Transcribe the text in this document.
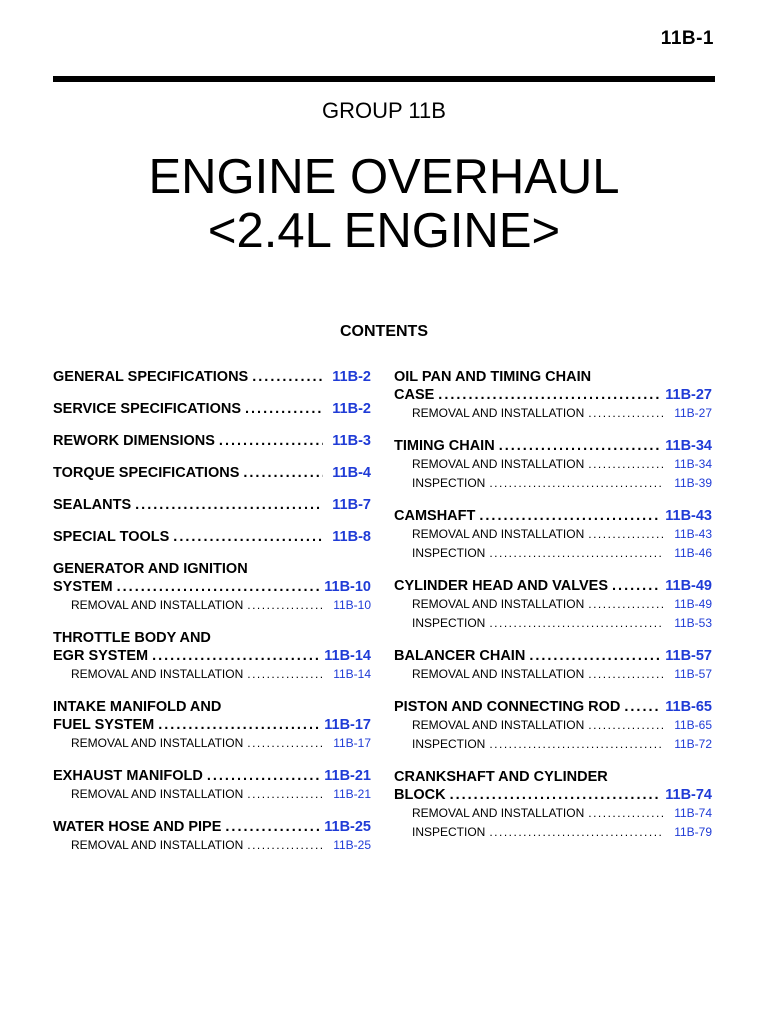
11B-1
GROUP 11B
ENGINE OVERHAUL
<2.4L ENGINE>
CONTENTS
GENERAL SPECIFICATIONS .....	11B-2
SERVICE SPECIFICATIONS .....	11B-2
REWORK DIMENSIONS .....	11B-3
TORQUE SPECIFICATIONS .....	11B-4
SEALANTS .....	11B-7
SPECIAL TOOLS .....	11B-8
GENERATOR AND IGNITION
SYSTEM .....	11B-10
REMOVAL AND INSTALLATION .....	11B-10
THROTTLE BODY AND
EGR SYSTEM .....	11B-14
REMOVAL AND INSTALLATION .....	11B-14
INTAKE MANIFOLD AND
FUEL SYSTEM .....	11B-17
REMOVAL AND INSTALLATION .....	11B-17
EXHAUST MANIFOLD .....	11B-21
REMOVAL AND INSTALLATION .....	11B-21
WATER HOSE AND PIPE .....	11B-25
REMOVAL AND INSTALLATION .....	11B-25
OIL PAN AND TIMING CHAIN
CASE .....	11B-27
REMOVAL AND INSTALLATION .....	11B-27
TIMING CHAIN .....	11B-34
REMOVAL AND INSTALLATION .....	11B-34
INSPECTION .....	11B-39
CAMSHAFT .....	11B-43
REMOVAL AND INSTALLATION .....	11B-43
INSPECTION .....	11B-46
CYLINDER HEAD AND VALVES .....	11B-49
REMOVAL AND INSTALLATION .....	11B-49
INSPECTION .....	11B-53
BALANCER CHAIN .....	11B-57
REMOVAL AND INSTALLATION .....	11B-57
PISTON AND CONNECTING ROD .....	11B-65
REMOVAL AND INSTALLATION .....	11B-65
INSPECTION .....	11B-72
CRANKSHAFT AND CYLINDER
BLOCK .....	11B-74
REMOVAL AND INSTALLATION .....	11B-74
INSPECTION .....	11B-79
